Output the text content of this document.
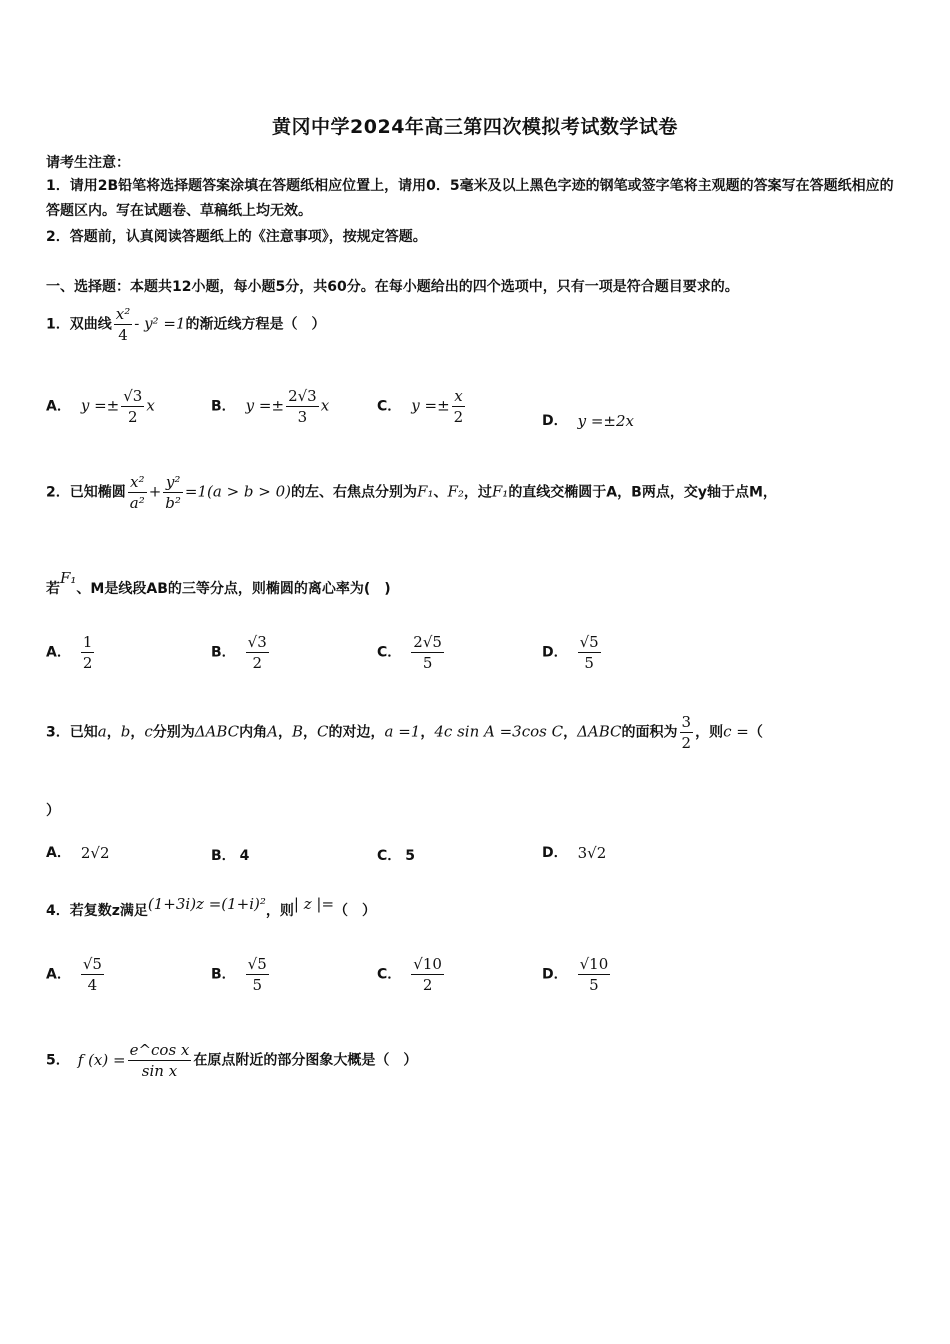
黄冈中学2024年高三第四次模拟考试数学试卷
请考生注意：
1．请用2B铅笔将选择题答案涂填在答题纸相应位置上，请用0．5毫米及以上黑色字迹的钢笔或签字笔将主观题的答案写在答题纸相应的答题区内。写在试题卷、草稿纸上均无效。
2．答题前，认真阅读答题纸上的《注意事项》，按规定答题。
一、选择题：本题共12小题，每小题5分，共60分。在每小题给出的四个选项中，只有一项是符合题目要求的。
1．双曲线 $\frac{\text{x²}}{4} - y^2 =1$的渐近线方程是（　）
A． $y =\pm \frac{√3}{2}$ x	B． $y =\pm \frac{2√3}{3}$ x	C． $y =\pm \frac{x}{2}$	D． y =±2x
2．已知椭圆 $\frac{\text{x²}}{\text{a²}} + \frac{\text{y²}}{\text{b²}} =1(a > b > 0)$的左、右焦点分别为F₁、F₂，过F₁的直线交椭圆于A，B两点，交y轴于点M，
若F₁、M是线段AB的三等分点，则椭圆的离心率为(　)
A． $\frac{1}{2}$	B． $\frac{√3}{2}$	C． $\frac{2√5}{5}$	D． $\frac{√5}{5}$
3．已知a，b，c分别为ΔABC内角A，B，C的对边，a =1，4c sin A =3cos C，ΔABC的面积为 $\frac{3}{2}$ ，则c =（
）
A． 2√2	B． 4	C． 5	D． 3√2
4．若复数z满足(1+3i)z =(1+i)²，则| z |=（　）
A． $\frac{√5}{4}$	B． $\frac{√5}{5}$	C． $\frac{√10}{2}$	D． $\frac{√10}{5}$
5． f $(x) = \frac{\text{e\textasciicircum{}cos x}}{\text{sin x}}$ 在原点附近的部分图象大概是（　）
